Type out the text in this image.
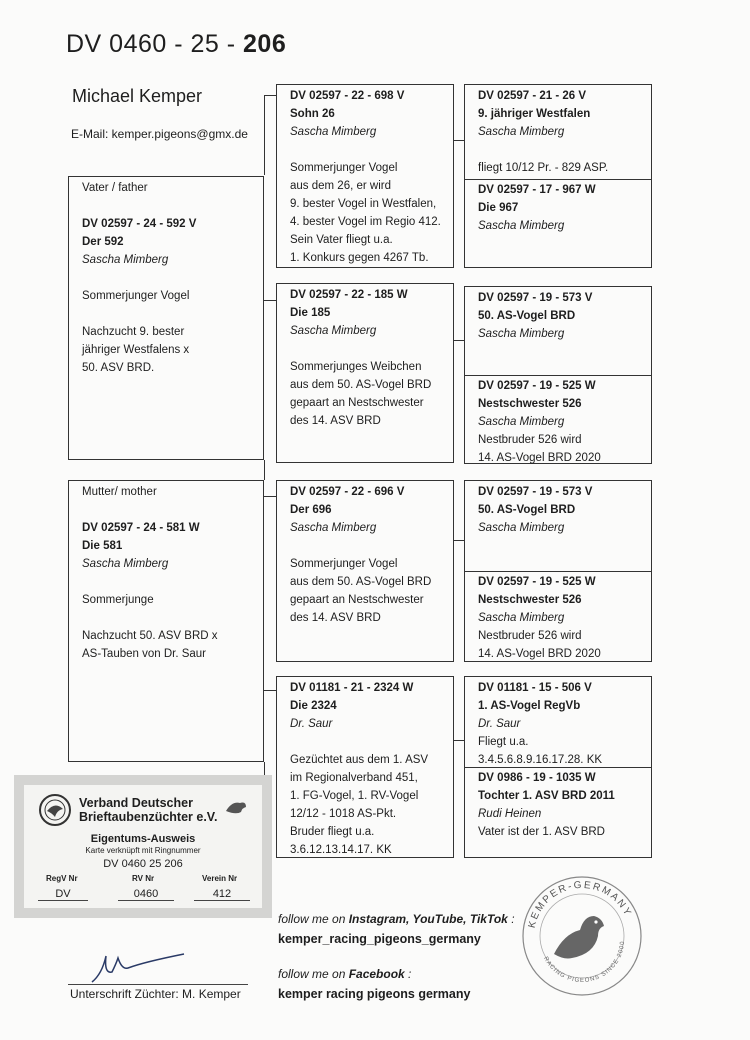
DV 0460 - 25 - 206
Michael Kemper
E-Mail: kemper.pigeons@gmx.de
Vater / father
DV 02597 - 24 - 592 V
Der 592
Sascha Mimberg
Sommerjunger Vogel
Nachzucht 9. bester
jähriger Westfalens x
50. ASV BRD.
Mutter/ mother
DV 02597 - 24 - 581 W
Die 581
Sascha Mimberg
Sommerjunge
Nachzucht 50. ASV BRD x
AS-Tauben von Dr. Saur
DV 02597 - 22 - 698 V
Sohn 26
Sascha Mimberg
Sommerjunger Vogel
aus dem 26, er wird
9. bester Vogel in Westfalen,
4. bester Vogel im Regio 412.
Sein Vater fliegt u.a.
1. Konkurs gegen 4267 Tb.
DV 02597 - 22 - 185 W
Die 185
Sascha Mimberg
Sommerjunges Weibchen
aus dem 50. AS-Vogel BRD
gepaart an Nestschwester
des 14. ASV BRD
DV 02597 - 22 - 696 V
Der 696
Sascha Mimberg
Sommerjunger Vogel
aus dem 50. AS-Vogel BRD
gepaart an Nestschwester
des 14. ASV BRD
DV 01181 - 21 - 2324 W
Die 2324
Dr. Saur
Gezüchtet aus dem 1. ASV
im Regionalverband 451,
1. FG-Vogel, 1. RV-Vogel
12/12 - 1018 AS-Pkt.
Bruder fliegt u.a.
3.6.12.13.14.17. KK
DV 02597 - 21 - 26 V
9. jähriger Westfalen
Sascha Mimberg
fliegt 10/12 Pr. - 829 ASP.
DV 02597 - 17 - 967 W
Die 967
Sascha Mimberg
DV 02597 - 19 - 573 V
50. AS-Vogel BRD
Sascha Mimberg
DV 02597 - 19 - 525 W
Nestschwester 526
Sascha Mimberg
Nestbruder 526 wird
14. AS-Vogel BRD 2020
DV 02597 - 19 - 573 V
50. AS-Vogel BRD
Sascha Mimberg
DV 02597 - 19 - 525 W
Nestschwester 526
Sascha Mimberg
Nestbruder 526 wird
14. AS-Vogel BRD 2020
DV 01181 - 15 - 506 V
1. AS-Vogel RegVb
Dr. Saur
Fliegt u.a.
3.4.5.6.8.9.16.17.28. KK
DV 0986 - 19 - 1035 W
Tochter 1. ASV BRD 2011
Rudi Heinen
Vater ist der 1. ASV BRD
Verband Deutscher
Brieftaubenzüchter e.V.
Eigentums-Ausweis
Karte verknüpft mit Ringnummer
DV 0460 25 206
RegV Nr	RV Nr	Verein Nr
DV	0460	412
follow me on Instagram, YouTube, TikTok :
kemper_racing_pigeons_germany
follow me on Facebook :
kemper racing pigeons germany
Unterschrift Züchter: M. Kemper
KEMPER-GERMANY
RACING PIGEONS SINCE 2000
